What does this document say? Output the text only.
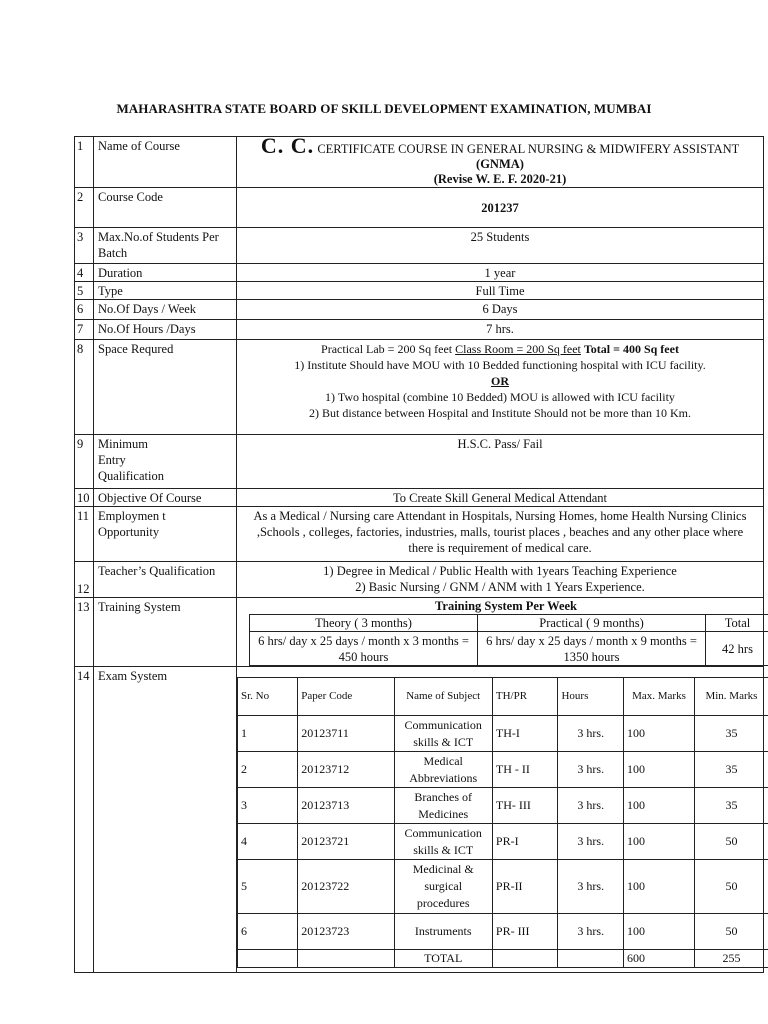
MAHARASHTRA STATE BOARD OF SKILL DEVELOPMENT EXAMINATION, MUMBAI
1	Name of Course	C. C. CERTIFICATE COURSE IN GENERAL NURSING & MIDWIFERY ASSISTANT (GNMA)
(Revise W. E. F. 2020-21)
2	Course Code	201237
3	Max.No.of Students Per Batch	25 Students
4	Duration	1 year
5	Type	Full Time
6	No.Of Days / Week	6 Days
7	No.Of Hours /Days	7 hrs.
8	Space Requred	Practical Lab = 200 Sq feet Class Room = 200 Sq feet Total = 400 Sq feet
1) Institute Should have MOU with 10 Bedded functioning hospital with ICU facility.
OR
1) Two hospital (combine 10 Bedded) MOU is allowed with ICU facility
2) But distance between Hospital and Institute Should not be more than 10 Km.

9	Minimum Entry Qualification	H.S.C. Pass/ Fail
10	Objective Of Course	To Create Skill General Medical Attendant
11	Employmen t Opportunity	As a Medical / Nursing care Attendant in Hospitals, Nursing Homes, home Health Nursing Clinics ,Schools , colleges, factories, industries, malls, tourist places , beaches and any other place where there is requirement of medical care.
12	Teacher’s Qualification	1) Degree in Medical / Public Health with 1years Teaching Experience
2) Basic Nursing / GNM / ANM with 1 Years Experience.

13	Training System	Training System Per Week
Theory ( 3 months)	Practical ( 9 months)	Total
6 hrs/ day x 25 days / month x 3 months = 450 hours	6 hrs/ day x 25 days / month x 9 months = 1350 hours	42 hrs

14	Exam System	
Sr. No	Paper Code	Name of Subject	TH/PR	Hours	Max. Marks	Min. Marks
1	20123711	Communication skills & ICT	TH-I	3 hrs.	100	35
2	20123712	Medical Abbreviations	TH - II	3 hrs.	100	35
3	20123713	Branches of Medicines	TH- III	3 hrs.	100	35
4	20123721	Communication skills & ICT	PR-I	3 hrs.	100	50
5	20123722	Medicinal & surgical procedures	PR-II	3 hrs.	100	50
6	20123723	Instruments	PR- III	3 hrs.	100	50
		TOTAL			600	255
